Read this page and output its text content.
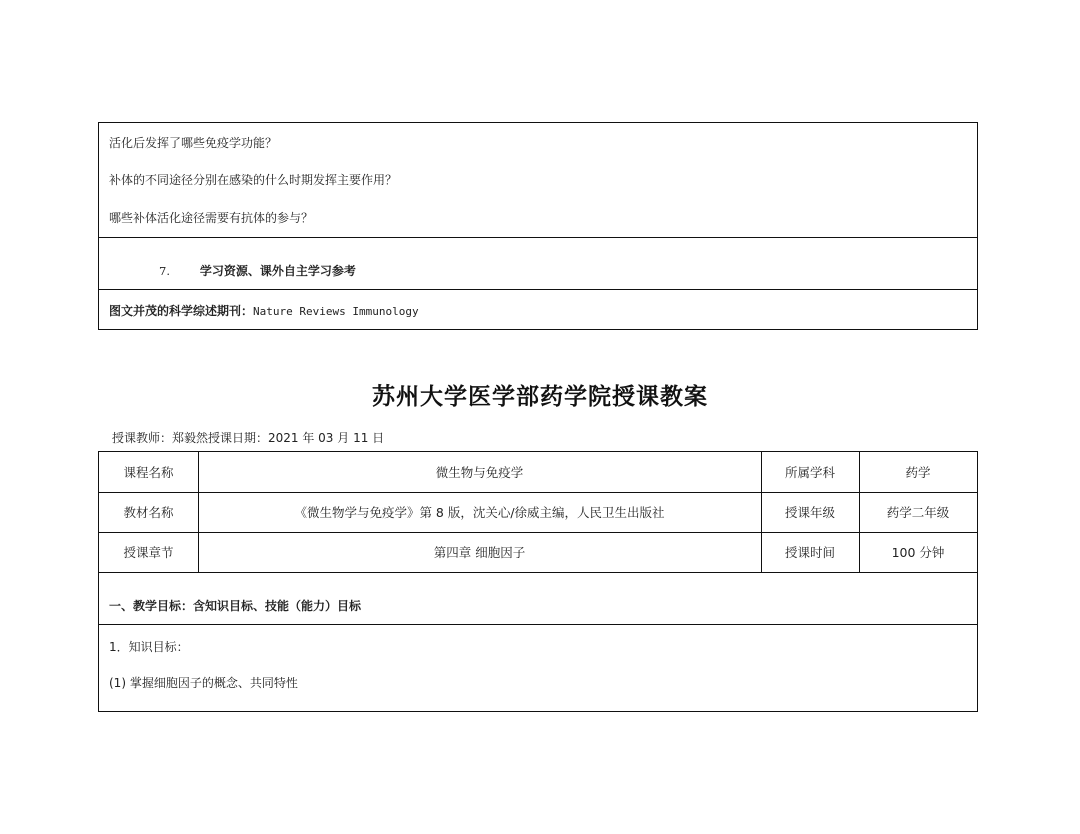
活化后发挥了哪些免疫学功能？
补体的不同途径分别在感染的什么时期发挥主要作用？
哪些补体活化途径需要有抗体的参与？
7. 学习资源、课外自主学习参考
图文并茂的科学综述期刊：Nature Reviews Immunology
苏州大学医学部药学院授课教案
授课教师：郑毅然授课日期：2021 年 03 月 11 日
课程名称	微生物与免疫学	所属学科	药学
教材名称	《微生物学与免疫学》第 8 版，沈关心/徐威主编，人民卫生出版社	授课年级	药学二年级
授课章节	第四章 细胞因子	授课时间	100 分钟
一、教学目标：含知识目标、技能（能力）目标
1．知识目标：
(1) 掌握细胞因子的概念、共同特性
